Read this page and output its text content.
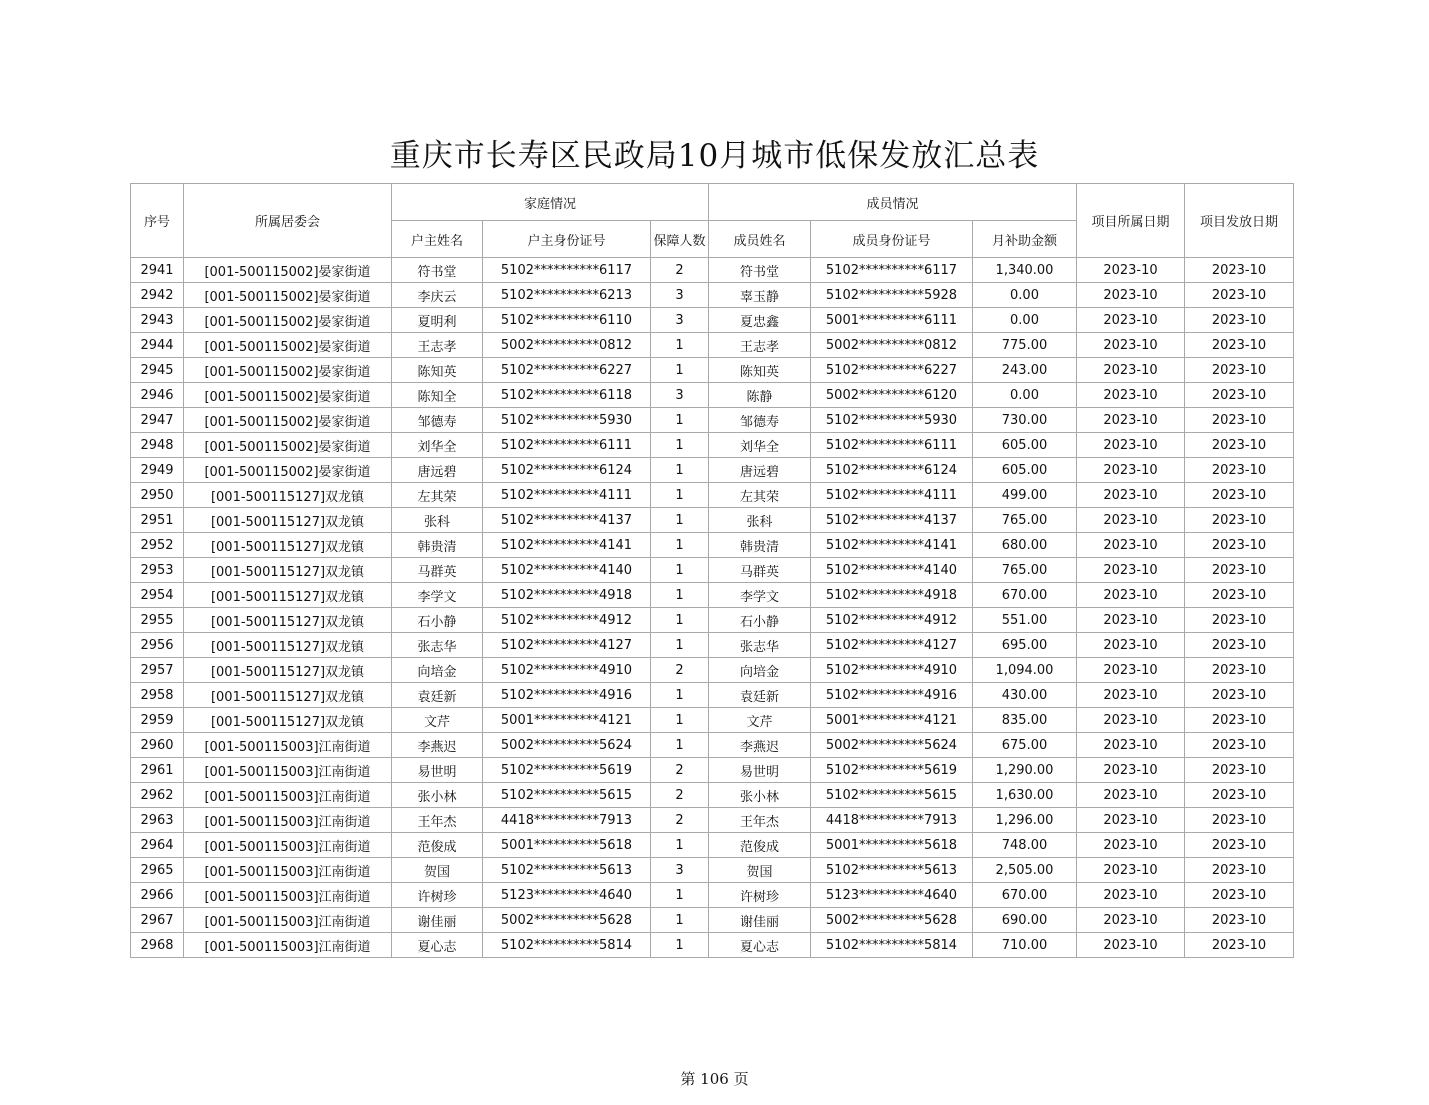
重庆市长寿区民政局10月城市低保发放汇总表
序号	所属居委会	家庭情况			成员情况			项目所属日期	项目发放日期
		户主姓名	户主身份证号	保障人数	成员姓名	成员身份证号	月补助金额		
2941	[001-500115002]晏家街道	符书堂	5102**********6117	2	符书堂	5102**********6117	1,340.00	2023-10	2023-10
2942	[001-500115002]晏家街道	李庆云	5102**********6213	3	辜玉静	5102**********5928	0.00	2023-10	2023-10
2943	[001-500115002]晏家街道	夏明利	5102**********6110	3	夏忠鑫	5001**********6111	0.00	2023-10	2023-10
2944	[001-500115002]晏家街道	王志孝	5002**********0812	1	王志孝	5002**********0812	775.00	2023-10	2023-10
2945	[001-500115002]晏家街道	陈知英	5102**********6227	1	陈知英	5102**********6227	243.00	2023-10	2023-10
2946	[001-500115002]晏家街道	陈知全	5102**********6118	3	陈静	5002**********6120	0.00	2023-10	2023-10
2947	[001-500115002]晏家街道	邹德寿	5102**********5930	1	邹德寿	5102**********5930	730.00	2023-10	2023-10
2948	[001-500115002]晏家街道	刘华全	5102**********6111	1	刘华全	5102**********6111	605.00	2023-10	2023-10
2949	[001-500115002]晏家街道	唐远碧	5102**********6124	1	唐远碧	5102**********6124	605.00	2023-10	2023-10
2950	[001-500115127]双龙镇	左其荣	5102**********4111	1	左其荣	5102**********4111	499.00	2023-10	2023-10
2951	[001-500115127]双龙镇	张科	5102**********4137	1	张科	5102**********4137	765.00	2023-10	2023-10
2952	[001-500115127]双龙镇	韩贵清	5102**********4141	1	韩贵清	5102**********4141	680.00	2023-10	2023-10
2953	[001-500115127]双龙镇	马群英	5102**********4140	1	马群英	5102**********4140	765.00	2023-10	2023-10
2954	[001-500115127]双龙镇	李学文	5102**********4918	1	李学文	5102**********4918	670.00	2023-10	2023-10
2955	[001-500115127]双龙镇	石小静	5102**********4912	1	石小静	5102**********4912	551.00	2023-10	2023-10
2956	[001-500115127]双龙镇	张志华	5102**********4127	1	张志华	5102**********4127	695.00	2023-10	2023-10
2957	[001-500115127]双龙镇	向培金	5102**********4910	2	向培金	5102**********4910	1,094.00	2023-10	2023-10
2958	[001-500115127]双龙镇	袁廷新	5102**********4916	1	袁廷新	5102**********4916	430.00	2023-10	2023-10
2959	[001-500115127]双龙镇	文芹	5001**********4121	1	文芹	5001**********4121	835.00	2023-10	2023-10
2960	[001-500115003]江南街道	李燕迟	5002**********5624	1	李燕迟	5002**********5624	675.00	2023-10	2023-10
2961	[001-500115003]江南街道	易世明	5102**********5619	2	易世明	5102**********5619	1,290.00	2023-10	2023-10
2962	[001-500115003]江南街道	张小林	5102**********5615	2	张小林	5102**********5615	1,630.00	2023-10	2023-10
2963	[001-500115003]江南街道	王年杰	4418**********7913	2	王年杰	4418**********7913	1,296.00	2023-10	2023-10
2964	[001-500115003]江南街道	范俊成	5001**********5618	1	范俊成	5001**********5618	748.00	2023-10	2023-10
2965	[001-500115003]江南街道	贺国	5102**********5613	3	贺国	5102**********5613	2,505.00	2023-10	2023-10
2966	[001-500115003]江南街道	许树珍	5123**********4640	1	许树珍	5123**********4640	670.00	2023-10	2023-10
2967	[001-500115003]江南街道	谢佳丽	5002**********5628	1	谢佳丽	5002**********5628	690.00	2023-10	2023-10
2968	[001-500115003]江南街道	夏心志	5102**********5814	1	夏心志	5102**********5814	710.00	2023-10	2023-10
第 106 页
